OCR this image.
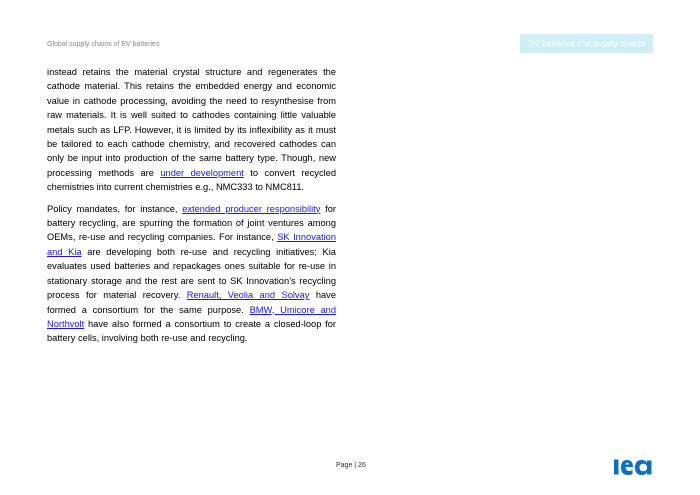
Global supply chains of EV batteries	EV batteries and supply chains

instead retains the material crystal structure and regenerates the cathode material. This retains the embedded energy and economic value in cathode processing, avoiding the need to resynthesise from raw materials. It is well suited to cathodes containing little valuable metals such as LFP. However, it is limited by its inflexibility as it must be tailored to each cathode chemistry, and recovered cathodes can only be input into production of the same battery type. Though, new processing methods are under development to convert recycled chemistries into current chemistries e.g., NMC333 to NMC811.

Policy mandates, for instance, extended producer responsibility for battery recycling, are spurring the formation of joint ventures among OEMs, re-use and recycling companies. For instance, SK Innovation and Kia are developing both re-use and recycling initiatives; Kia evaluates used batteries and repackages ones suitable for re-use in stationary storage and the rest are sent to SK Innovation’s recycling process for material recovery. Renault, Veolia and Solvay have formed a consortium for the same purpose. BMW, Umicore and Northvolt have also formed a consortium to create a closed-loop for battery cells, involving both re-use and recycling.

Page | 26
